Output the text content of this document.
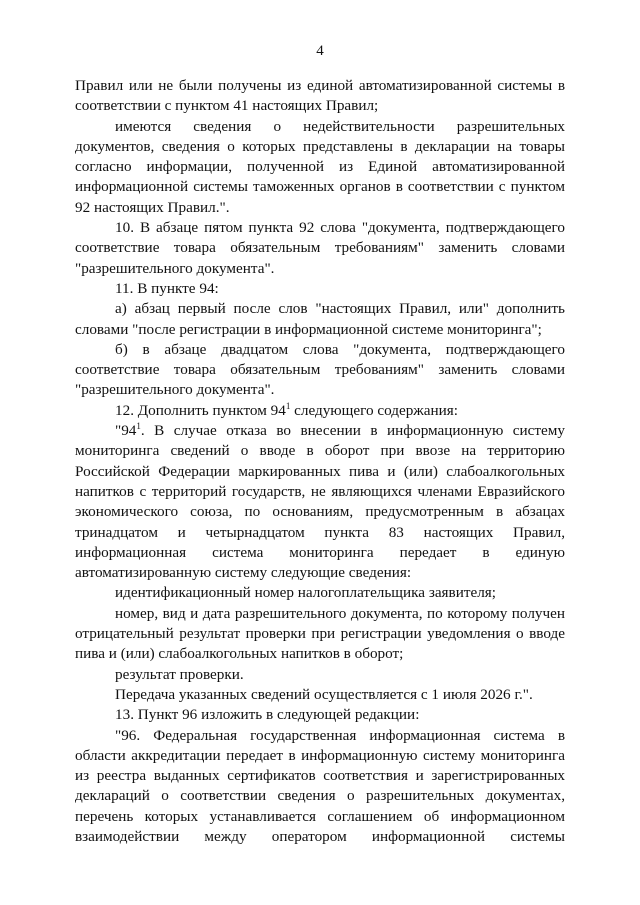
4

Правил или не были получены из единой автоматизированной системы в соответствии с пунктом 41 настоящих Правил;

имеются сведения о недействительности разрешительных документов, сведения о которых представлены в декларации на товары согласно информации, полученной из Единой автоматизированной информационной системы таможенных органов в соответствии с пунктом 92 настоящих Правил.".

10. В абзаце пятом пункта 92 слова "документа, подтверждающего соответствие товара обязательным требованиям" заменить словами "разрешительного документа".

11. В пункте 94:

а) абзац первый после слов "настоящих Правил, или" дополнить словами "после регистрации в информационной системе мониторинга";

б) в абзаце двадцатом слова "документа, подтверждающего соответствие товара обязательным требованиям" заменить словами "разрешительного документа".

12. Дополнить пунктом $94^1$ следующего содержания:

"$94^1$. В случае отказа во внесении в информационную систему мониторинга сведений о вводе в оборот при ввозе на территорию Российской Федерации маркированных пива и (или) слабоалкогольных напитков с территорий государств, не являющихся членами Евразийского экономического союза, по основаниям, предусмотренным в абзацах тринадцатом и четырнадцатом пункта 83 настоящих Правил, информационная система мониторинга передает в единую автоматизированную систему следующие сведения:

идентификационный номер налогоплательщика заявителя;

номер, вид и дата разрешительного документа, по которому получен отрицательный результат проверки при регистрации уведомления о вводе пива и (или) слабоалкогольных напитков в оборот;

результат проверки.

Передача указанных сведений осуществляется с 1 июля 2026 г.".

13. Пункт 96 изложить в следующей редакции:

"96. Федеральная государственная информационная система в области аккредитации передает в информационную систему мониторинга из реестра выданных сертификатов соответствия и зарегистрированных деклараций о соответствии сведения о разрешительных документах, перечень которых устанавливается соглашением об информационном взаимодействии между оператором информационной системы
